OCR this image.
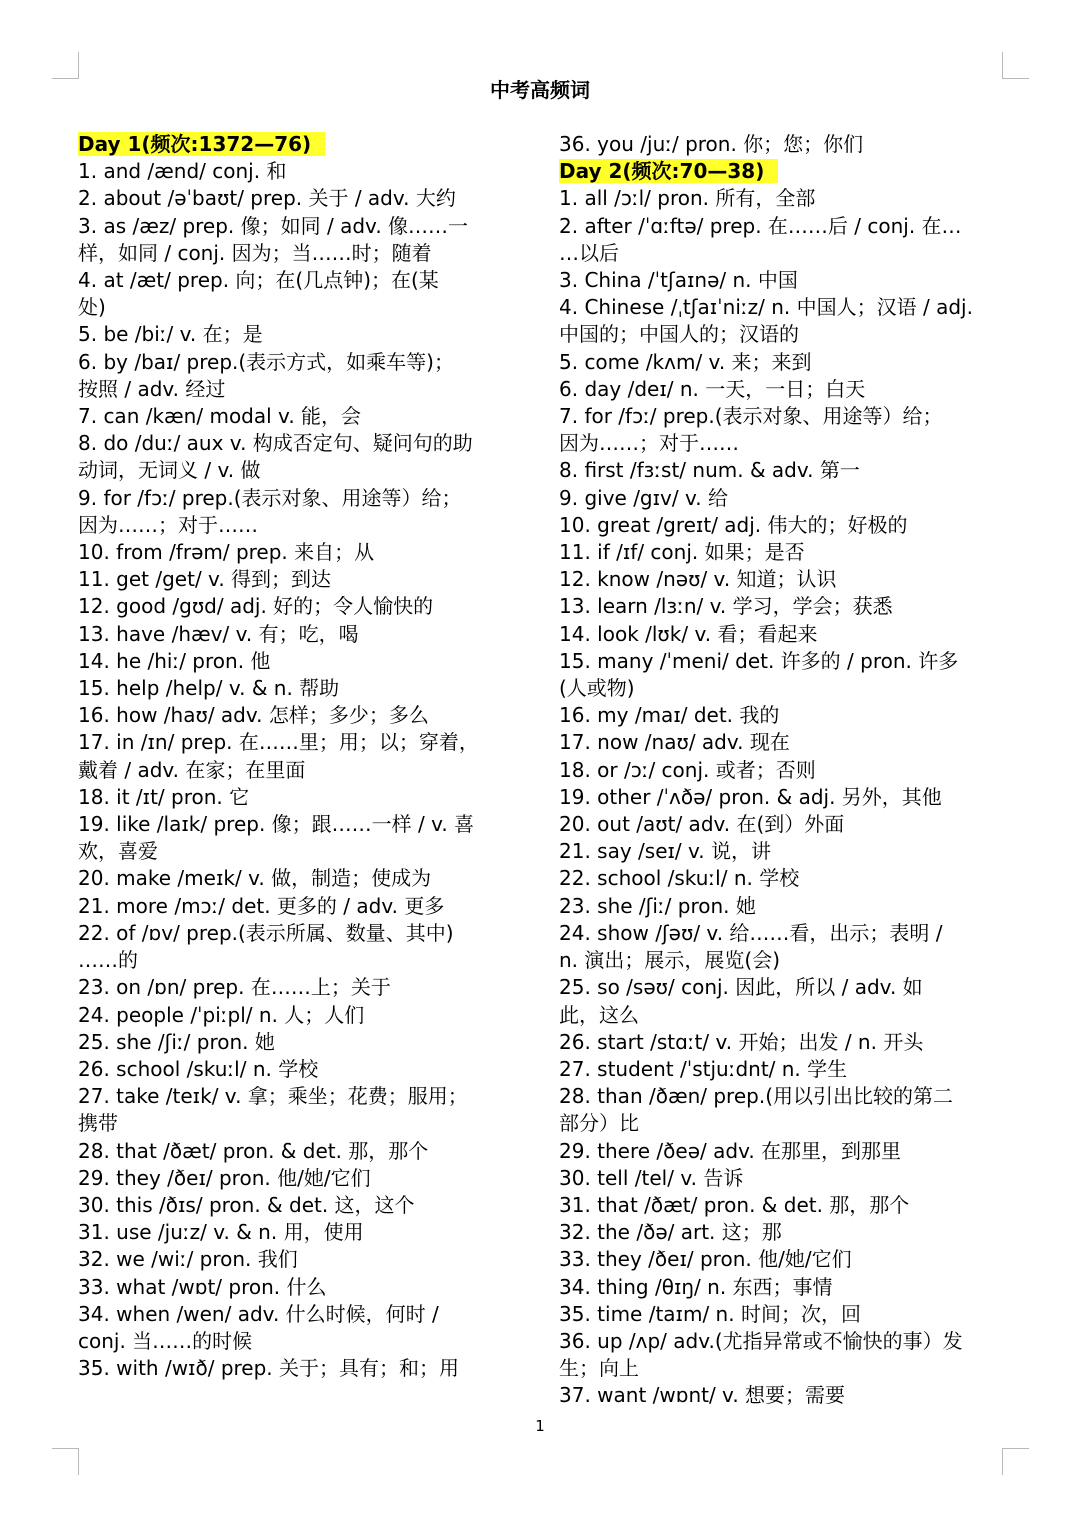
中考高频词
Day 1(频次:1372—76)
1. and /ænd/ conj. 和
2. about /əˈbaʊt/ prep. 关于 / adv. 大约
3. as /æz/ prep. 像；如同 / adv. 像……一
样，如同 / conj. 因为；当……时；随着
4. at /æt/ prep. 向；在(几点钟)；在(某
处)
5. be /biː/ v. 在；是
6. by /baɪ/ prep.(表示方式，如乘车等)；
按照 / adv. 经过
7. can /kæn/ modal v. 能，会
8. do /duː/ aux v. 构成否定句、疑问句的助
动词，无词义 / v. 做
9. for /fɔː/ prep.(表示对象、用途等）给；
因为……；对于……
10. from /frəm/ prep. 来自；从
11. get /get/ v. 得到；到达
12. good /gʊd/ adj. 好的；令人愉快的
13. have /hæv/ v. 有；吃，喝
14. he /hiː/ pron. 他
15. help /help/ v. & n. 帮助
16. how /haʊ/ adv. 怎样；多少；多么
17. in /ɪn/ prep. 在……里；用；以；穿着，
戴着 / adv. 在家；在里面
18. it /ɪt/ pron. 它
19. like /laɪk/ prep. 像；跟……一样 / v. 喜
欢，喜爱
20. make /meɪk/ v. 做，制造；使成为
21. more /mɔː/ det. 更多的 / adv. 更多
22. of /ɒv/ prep.(表示所属、数量、其中)
……的
23. on /ɒn/ prep. 在……上；关于
24. people /ˈpiːpl/ n. 人；人们
25. she /ʃiː/ pron. 她
26. school /skuːl/ n. 学校
27. take /teɪk/ v. 拿；乘坐；花费；服用；
携带
28. that /ðæt/ pron. & det. 那，那个
29. they /ðeɪ/ pron. 他/她/它们
30. this /ðɪs/ pron. & det. 这，这个
31. use /juːz/ v. & n. 用，使用
32. we /wiː/ pron. 我们
33. what /wɒt/ pron. 什么
34. when /wen/ adv. 什么时候，何时 /
conj. 当……的时候
35. with /wɪð/ prep. 关于；具有；和；用
36. you /juː/ pron. 你；您；你们
Day 2(频次:70—38)
1. all /ɔːl/ pron. 所有，全部
2. after /ˈɑːftə/ prep. 在……后 / conj. 在…
…以后
3. China /ˈtʃaɪnə/ n. 中国
4. Chinese /ˌtʃaɪˈniːz/ n. 中国人；汉语 / adj.
中国的；中国人的；汉语的
5. come /kʌm/ v. 来；来到
6. day /deɪ/ n. 一天，一日；白天
7. for /fɔː/ prep.(表示对象、用途等）给；
因为……；对于……
8. first /fɜːst/ num. & adv. 第一
9. give /gɪv/ v. 给
10. great /greɪt/ adj. 伟大的；好极的
11. if /ɪf/ conj. 如果；是否
12. know /nəʊ/ v. 知道；认识
13. learn /lɜːn/ v. 学习，学会；获悉
14. look /lʊk/ v. 看；看起来
15. many /ˈmeni/ det. 许多的 / pron. 许多
(人或物)
16. my /maɪ/ det. 我的
17. now /naʊ/ adv. 现在
18. or /ɔː/ conj. 或者；否则
19. other /ˈʌðə/ pron. & adj. 另外，其他
20. out /aʊt/ adv. 在(到）外面
21. say /seɪ/ v. 说，讲
22. school /skuːl/ n. 学校
23. she /ʃiː/ pron. 她
24. show /ʃəʊ/ v. 给……看，出示；表明 /
n. 演出；展示，展览(会)
25. so /səʊ/ conj. 因此，所以 / adv. 如
此，这么
26. start /stɑːt/ v. 开始；出发 / n. 开头
27. student /ˈstjuːdnt/ n. 学生
28. than /ðæn/ prep.(用以引出比较的第二
部分）比
29. there /ðeə/ adv. 在那里，到那里
30. tell /tel/ v. 告诉
31. that /ðæt/ pron. & det. 那，那个
32. the /ðə/ art. 这；那
33. they /ðeɪ/ pron. 他/她/它们
34. thing /θɪŋ/ n. 东西；事情
35. time /taɪm/ n. 时间；次，回
36. up /ʌp/ adv.(尤指异常或不愉快的事）发
生；向上
37. want /wɒnt/ v. 想要；需要
1
